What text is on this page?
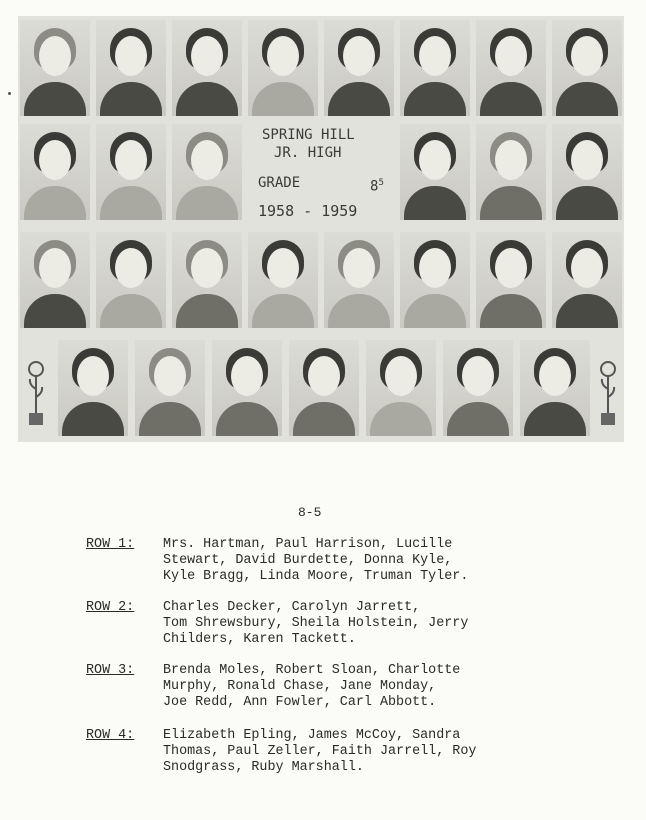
SPRING HILL
JR. HIGH
GRADE	$8^5$
1958 - 1959
8-5
ROW 1: Mrs. Hartman, Paul Harrison, Lucille
Stewart, David Burdette, Donna Kyle,
Kyle Bragg, Linda Moore, Truman Tyler.
ROW 2: Charles Decker, Carolyn Jarrett,
Tom Shrewsbury, Sheila Holstein, Jerry
Childers, Karen Tackett.
ROW 3: Brenda Moles, Robert Sloan, Charlotte
Murphy, Ronald Chase, Jane Monday,
Joe Redd, Ann Fowler, Carl Abbott.
ROW 4: Elizabeth Epling, James McCoy, Sandra
Thomas, Paul Zeller, Faith Jarrell, Roy
Snodgrass, Ruby Marshall.
